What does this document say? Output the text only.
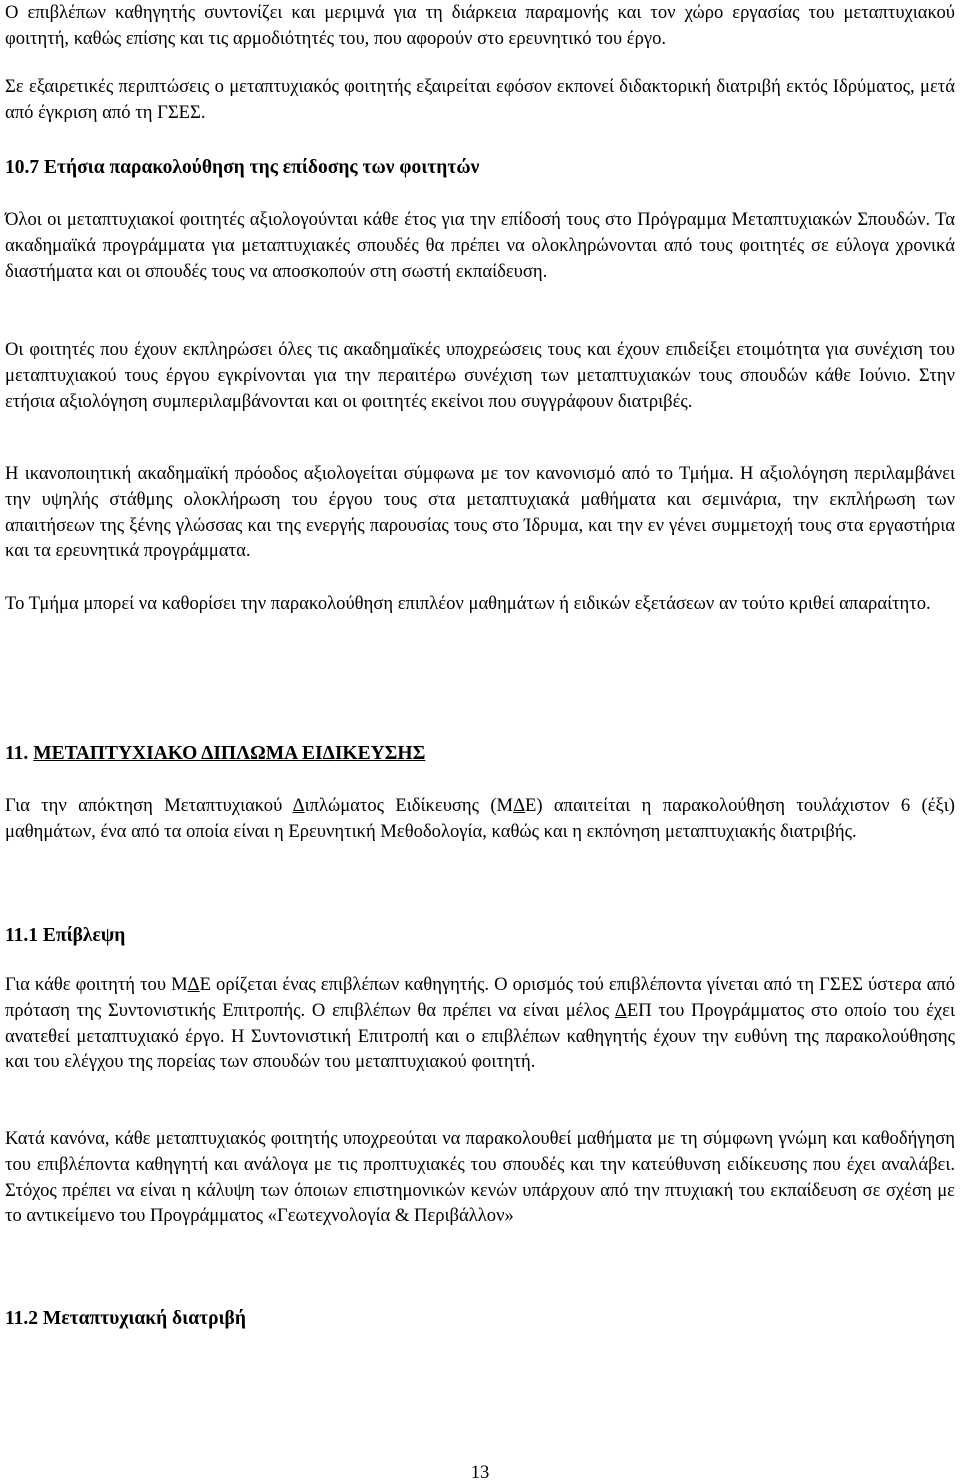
Ο επιβλέπων καθηγητής συντονίζει και μεριμνά για τη διάρκεια παραμονής και τον χώρο εργασίας του μεταπτυχιακού φοιτητή, καθώς επίσης και τις αρμοδιότητές του, που αφορούν στο ερευνητικό του έργο.

Σε εξαιρετικές περιπτώσεις ο μεταπτυχιακός φοιτητής εξαιρείται εφόσον εκπονεί διδακτορική διατριβή εκτός Ιδρύματος, μετά από έγκριση από τη ΓΣΕΣ.

10.7 Ετήσια παρακολούθηση της επίδοσης των φοιτητών

Όλοι οι μεταπτυχιακοί φοιτητές αξιολογούνται κάθε έτος για την επίδοσή τους στο Πρόγραμμα Μεταπτυχιακών Σπουδών. Τα ακαδημαϊκά προγράμματα για μεταπτυχιακές σπουδές θα πρέπει να ολοκληρώνονται από τους φοιτητές σε εύλογα χρονικά διαστήματα και οι σπουδές τους να αποσκοπούν στη σωστή εκπαίδευση.

Οι φοιτητές που έχουν εκπληρώσει όλες τις ακαδημαϊκές υποχρεώσεις τους και έχουν επιδείξει ετοιμότητα για συνέχιση του μεταπτυχιακού τους έργου εγκρίνονται για την περαιτέρω συνέχιση των μεταπτυχιακών τους σπουδών κάθε Ιούνιο. Στην ετήσια αξιολόγηση συμπεριλαμβάνονται και οι φοιτητές εκείνοι που συγγράφουν διατριβές.

Η ικανοποιητική ακαδημαϊκή πρόοδος αξιολογείται σύμφωνα με τον κανονισμό από το Τμήμα. Η αξιολόγηση περιλαμβάνει την υψηλής στάθμης ολοκλήρωση του έργου τους στα μεταπτυχιακά μαθήματα και σεμινάρια, την εκπλήρωση των απαιτήσεων της ξένης γλώσσας και της ενεργής παρουσίας τους στο Ίδρυμα, και την εν γένει συμμετοχή τους στα εργαστήρια και τα ερευνητικά προγράμματα.

Το Τμήμα μπορεί να καθορίσει την παρακολούθηση επιπλέον μαθημάτων ή ειδικών εξετάσεων αν τούτο κριθεί απαραίτητο.

11. ΜΕΤΑΠΤΥΧΙΑΚΟ ΔΙΠΛΩΜΑ ΕΙΔΙΚΕΥΣΗΣ

Για την απόκτηση Μεταπτυχιακού Διπλώματος Ειδίκευσης (ΜΔΕ) απαιτείται η παρακολούθηση τουλάχιστον 6 (έξι) μαθημάτων, ένα από τα οποία είναι η Ερευνητική Μεθοδολογία, καθώς και η εκπόνηση μεταπτυχιακής διατριβής.

11.1 Επίβλεψη

Για κάθε φοιτητή του ΜΔΕ ορίζεται ένας επιβλέπων καθηγητής. Ο ορισμός τού επιβλέποντα γίνεται από τη ΓΣΕΣ ύστερα από πρόταση της Συντονιστικής Επιτροπής. Ο επιβλέπων θα πρέπει να είναι μέλος ΔΕΠ του Προγράμματος στο οποίο του έχει ανατεθεί μεταπτυχιακό έργο. Η Συντονιστική Επιτροπή και ο επιβλέπων καθηγητής έχουν την ευθύνη της παρακολούθησης και του ελέγχου της πορείας των σπουδών του μεταπτυχιακού φοιτητή.

Κατά κανόνα, κάθε μεταπτυχιακός φοιτητής υποχρεούται να παρακολουθεί μαθήματα με τη σύμφωνη γνώμη και καθοδήγηση του επιβλέποντα καθηγητή και ανάλογα με τις προπτυχιακές του σπουδές και την κατεύθυνση ειδίκευσης που έχει αναλάβει. Στόχος πρέπει να είναι η κάλυψη των όποιων επιστημονικών κενών υπάρχουν από την πτυχιακή του εκπαίδευση σε σχέση με το αντικείμενο του Προγράμματος «Γεωτεχνολογία & Περιβάλλον»

11.2 Μεταπτυχιακή διατριβή
13
